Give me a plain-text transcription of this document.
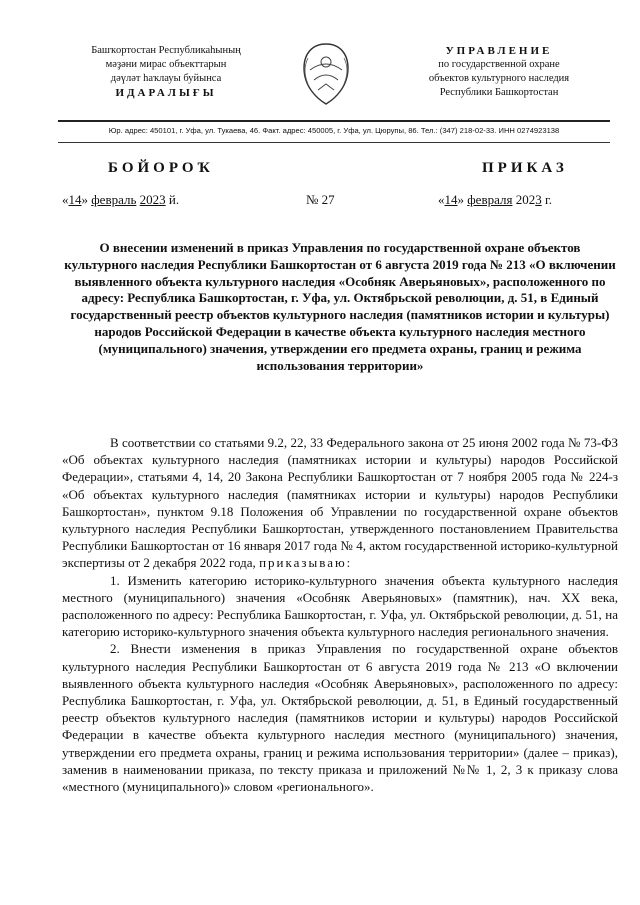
Башҡортостан Республикаһының
мәҙәни мирас объекттарын
дәүләт һаҡлауы буйынса
ИДАРАЛЫҒЫ
УПРАВЛЕНИЕ
по государственной охране
объектов культурного наследия
Республики Башкортостан
Юр. адрес: 450101, г. Уфа, ул. Тукаева, 46. Факт. адрес: 450005, г. Уфа, ул. Цюрупы, 86. Тел.: (347) 218-02-33. ИНН 0274923138
БОЙОРОҠ	ПРИКАЗ
«14» февраль 2023 й.	№ 27	«14» февраля 2023 г.
О внесении изменений в приказ Управления по государственной охране объектов культурного наследия Республики Башкортостан от 6 августа 2019 года № 213 «О включении выявленного объекта культурного наследия «Особняк Аверьяновых», расположенного по адресу: Республика Башкортостан, г. Уфа, ул. Октябрьской революции, д. 51, в Единый государственный реестр объектов культурного наследия (памятников истории и культуры) народов Российской Федерации в качестве объекта культурного наследия местного (муниципального) значения, утверждении его предмета охраны, границ и режима использования территории»

В соответствии со статьями 9.2, 22, 33 Федерального закона от 25 июня 2002 года № 73-ФЗ «Об объектах культурного наследия (памятниках истории и культуры) народов Российской Федерации», статьями 4, 14, 20 Закона Республики Башкортостан от 7 ноября 2005 года № 224-з «Об объектах культурного наследия (памятниках истории и культуры) народов Республики Башкортостан», пунктом 9.18 Положения об Управлении по государственной охране объектов культурного наследия Республики Башкортостан, утвержденного постановлением Правительства Республики Башкортостан от 16 января 2017 года № 4, актом государственной историко-культурной экспертизы от 2 декабря 2022 года, приказываю:

1. Изменить категорию историко-культурного значения объекта культурного наследия местного (муниципального) значения «Особняк Аверьяновых» (памятник), нач. XX века, расположенного по адресу: Республика Башкортостан, г. Уфа, ул. Октябрьской революции, д. 51, на категорию историко-культурного значения объекта культурного наследия регионального значения.

2. Внести изменения в приказ Управления по государственной охране объектов культурного наследия Республики Башкортостан от 6 августа 2019 года № 213 «О включении выявленного объекта культурного наследия «Особняк Аверьяновых», расположенного по адресу: Республика Башкортостан, г. Уфа, ул. Октябрьской революции, д. 51, в Единый государственный реестр объектов культурного наследия (памятников истории и культуры) народов Российской Федерации в качестве объекта культурного наследия местного (муниципального) значения, утверждении его предмета охраны, границ и режима использования территории» (далее – приказ), заменив в наименовании приказа, по тексту приказа и приложений №№ 1, 2, 3 к приказу слова «местного (муниципального)» словом «регионального».
